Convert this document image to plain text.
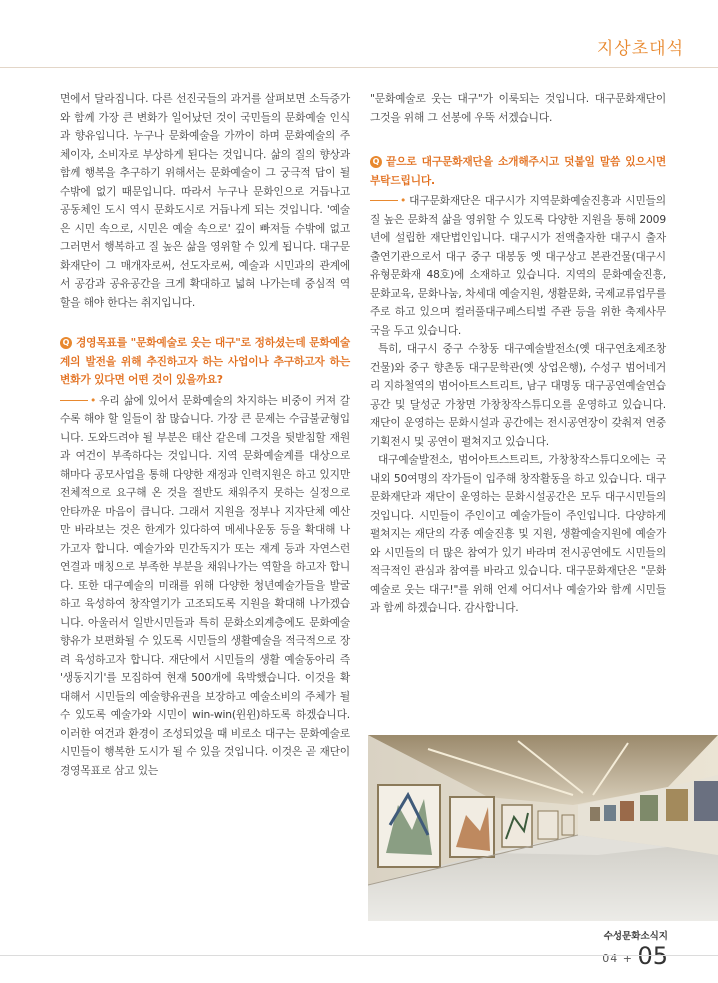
지상초대석

면에서 달라집니다. 다른 선진국들의 과거를 살펴보면 소득증가와 함께 가장 큰 변화가 일어났던 것이 국민들의 문화예술 인식과 향유입니다. 누구나 문화예술을 가까이 하며 문화예술의 주체이자, 소비자로 부상하게 된다는 것입니다. 삶의 질의 향상과 함께 행복을 추구하기 위해서는 문화예술이 그 궁극적 답이 될 수밖에 없기 때문입니다. 따라서 누구나 문화인으로 거듭나고 공동체인 도시 역시 문화도시로 거듭나게 되는 것입니다. '예술은 시민 속으로, 시민은 예술 속으로' 깊이 빠져들 수밖에 없고 그러면서 행복하고 질 높은 삶을 영위할 수 있게 됩니다. 대구문화재단이 그 매개자로써, 선도자로써, 예술과 시민과의 관계에서 공감과 공유공간을 크게 확대하고 넓혀 나가는데 중심적 역할을 해야 한다는 취지입니다.

Q 경영목표를 "문화예술로 웃는 대구"로 정하셨는데 문화예술계의 발전을 위해 추진하고자 하는 사업이나 추구하고자 하는 변화가 있다면 어떤 것이 있을까요?

• 우리 삶에 있어서 문화예술의 차지하는 비중이 커져 갈수록 해야 할 일들이 참 많습니다. 가장 큰 문제는 수급불균형입니다. 도와드려야 될 부분은 태산 같은데 그것을 뒷받침할 재원과 여건이 부족하다는 것입니다. 지역 문화예술계를 대상으로 해마다 공모사업을 통해 다양한 재정과 인력지원은 하고 있지만 전체적으로 요구해 온 것을 절반도 채워주지 못하는 실정으로 안타까운 마음이 큽니다. 그래서 지원을 정부나 지자단체 예산만 바라보는 것은 한계가 있다하여 메세나운동 등을 확대해 나가고자 합니다. 예술가와 민간독지가 또는 재계 등과 자연스런 연결과 매칭으로 부족한 부분을 채워나가는 역할을 하고자 합니다. 또한 대구예술의 미래를 위해 다양한 청년예술가들을 발굴하고 육성하여 창작열기가 고조되도록 지원을 확대해 나가겠습니다. 아울러서 일반시민들과 특히 문화소외계층에도 문화예술향유가 보편화될 수 있도록 시민들의 생활예술을 적극적으로 장려 육성하고자 합니다. 재단에서 시민들의 생활 예술동아리 즉 '생동지기'를 모집하여 현재 500개에 육박했습니다. 이것을 확대해서 시민들의 예술향유권을 보장하고 예술소비의 주체가 될 수 있도록 예술가와 시민이 win-win(윈윈)하도록 하겠습니다. 이러한 여건과 환경이 조성되었을 때 비로소 대구는 문화예술로 시민들이 행복한 도시가 될 수 있을 것입니다. 이것은 곧 재단이 경영목표로 삼고 있는

"문화예술로 웃는 대구"가 이룩되는 것입니다. 대구문화재단이 그것을 위해 그 선봉에 우뚝 서겠습니다.

Q 끝으로 대구문화재단을 소개해주시고 덧붙일 말씀 있으시면 부탁드립니다.

• 대구문화재단은 대구시가 지역문화예술진흥과 시민들의 질 높은 문화적 삶을 영위할 수 있도록 다양한 지원을 통해 2009년에 설립한 재단법인입니다. 대구시가 전액출자한 대구시 출자 출연기관으로서 대구 중구 대봉동 옛 대구상고 본관건물(대구시유형문화재 48호)에 소재하고 있습니다. 지역의 문화예술진흥, 문화교육, 문화나눔, 차세대 예술지원, 생활문화, 국제교류업무를 주로 하고 있으며 컬러풀대구페스티벌 주관 등을 위한 축제사무국을 두고 있습니다.

특히, 대구시 중구 수창동 대구예술발전소(옛 대구연초제조창 건물)와 중구 향촌동 대구문학관(옛 상업은행), 수성구 범어네거리 지하철역의 범어아트스트리트, 남구 대명동 대구공연예술연습공간 및 달성군 가창면 가창창작스튜디오를 운영하고 있습니다. 재단이 운영하는 문화시설과 공간에는 전시공연장이 갖춰져 연중 기획전시 및 공연이 펼쳐지고 있습니다.

대구예술발전소, 범어아트스트리트, 가창창작스튜디오에는 국내외 50여명의 작가들이 입주해 창작활동을 하고 있습니다. 대구문화재단과 재단이 운영하는 문화시설공간은 모두 대구시민들의 것입니다. 시민들이 주인이고 예술가들이 주인입니다. 다양하게 펼쳐지는 재단의 각종 예술진흥 및 지원, 생활예술지원에 예술가와 시민들의 더 많은 참여가 있기 바라며 전시공연에도 시민들의 적극적인 관심과 참여를 바라고 있습니다. 대구문화재단은 "문화예술로 웃는 대구!"를 위해 언제 어디서나 예술가와 함께 시민들과 함께 하겠습니다. 감사합니다.

수성문화소식지
04 + 05
